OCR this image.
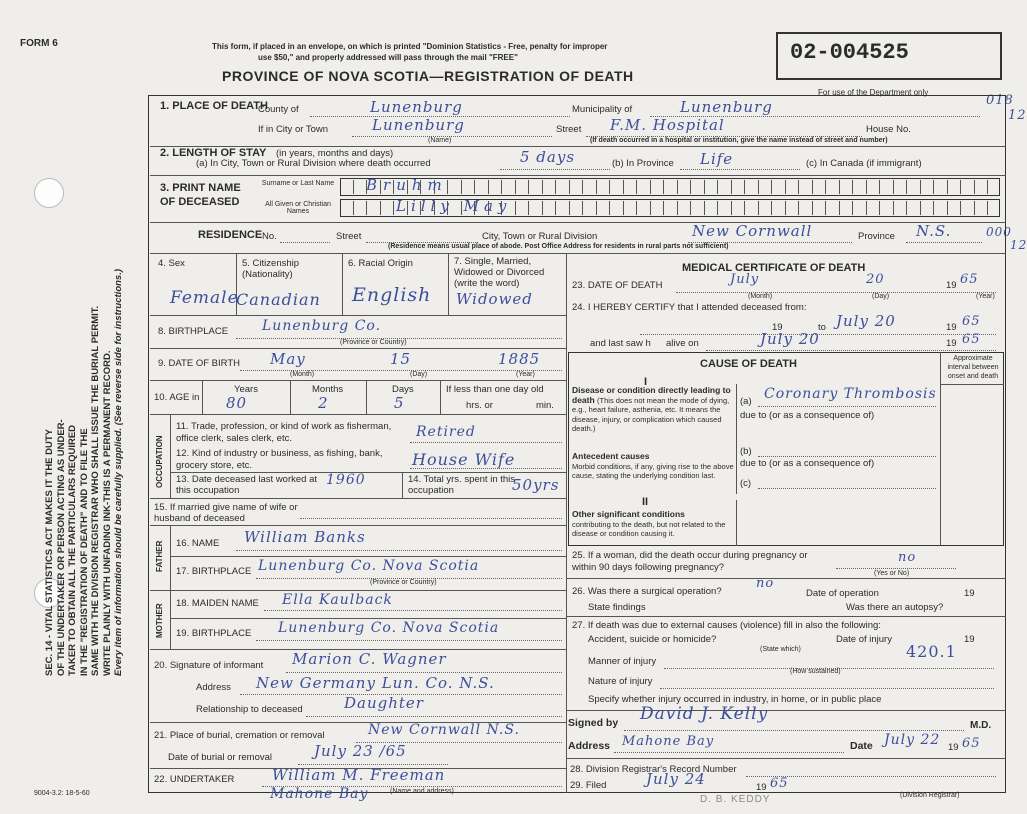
FORM 6	This form, if placed in an envelope, on which is printed "Dominion Statistics - Free, penalty for improper
use $50," and properly addressed will pass through the mail "FREE"
PROVINCE OF NOVA SCOTIA—REGISTRATION OF DEATH
02-004525
For use of the Department only
018
12
000
12
SEC. 14 - VITAL STATISTICS ACT MAKES IT THE DUTY OF THE UNDERTAKER OR PERSON ACTING AS UNDER- TAKER TO OBTAIN ALL THE PARTICULARS REQUIRED IN THE "REGISTRATION OF DEATH" AND TO FILE THE SAME WITH THE DIVISION REGISTRAR WHO SHALL ISSUE THE BURIAL PERMIT. WRITE PLAINLY WITH UNFADING INK-THIS IS A PERMANENT RECORD. Every item of information should be carefully supplied. (See reverse side for instructions.)
1. PLACE OF DEATH
County of	Lunenburg	Municipality of	Lunenburg
If in City or Town	Lunenburg
(Name)
Street F.M. Hospital	House No.
(If death occurred in a hospital or institution, give the name instead of street and number)
2. LENGTH OF STAY (in years, months and days)
(a) In City, Town or Rural Division where death occurred	5 days	(b) In Province Life	(c) In Canada (if immigrant)
3. PRINT NAME OF DECEASED
Surname or Last Name
All Given or Christian Names
Bruhm
Lilly May
RESIDENCE No.	Street	City, Town or Rural Division	New Cornwall	Province N.S.
(Residence means usual place of abode. Post Office Address for residents in rural parts not sufficient)
4. Sex	5. Citizenship (Nationality)
6. Racial Origin	7. Single, Married, Widowed or Divorced (write the word)
Female
Canadian English Widowed
8. BIRTHPLACE Lunenburg Co.
(Province or Country)
9. DATE OF BIRTH May	15	1885
(Month)	(Day)	(Year)
10. AGE in
Years	Months	Days	If less than one day old
hrs. or	min.
80	2	5
OCCUPATION
11. Trade, profession, or kind of work as fisherman, office clerk, sales clerk, etc.	Retired
12. Kind of industry or business, as fishing, bank, grocery store, etc.	House Wife
13. Date deceased last worked at this occupation
1960	14. Total yrs. spent in this occupation	50yrs
15. If married give name of wife or husband of deceased
FATHER
MOTHER
16. NAME William Banks
17. BIRTHPLACE Lunenburg Co. Nova Scotia
(Province or Country)
18. MAIDEN NAME Ella Kaulback
19. BIRTHPLACE Lunenburg Co. Nova Scotia
20. Signature of informant Marion C. Wagner
Address New Germany Lun. Co. N.S.
Relationship to deceased	Daughter
21. Place of burial, cremation or removal	New Cornwall N.S.
Date of burial or removal	July 23 /65
22. UNDERTAKER	William M. Freeman
Mahone Bay	(Name and address)
9004-3.2: 18-5-60
MEDICAL CERTIFICATE OF DEATH
23. DATE OF DEATH	July	20	19 65
(Month)	(Day)	(Year)
24. I HEREBY CERTIFY that I attended deceased from:
19	to July 20	19 65
and last saw h alive on	July 20	19 65
CAUSE OF DEATH	Approximate interval between onset and death
I
Disease or condition directly leading to death (This does not mean the mode of dying, e.g., heart failure, asthenia, etc. It means the disease, injury, or complication which caused death.)
(a) Coronary Thrombosis
due to (or as a consequence of)
(b)
Antecedent causes
Morbid conditions, if any, giving rise to the above cause, stating the underlying condition last.
due to (or as a consequence of)
(c)
II
Other significant conditions
contributing to the death, but not related to the disease or condition causing it.
25. If a woman, did the death occur during pregnancy or within 90 days following pregnancy?
no
(Yes or No)
26. Was there a surgical operation?
no
Date of operation	19
State findings	Was there an autopsy?
27. If death was due to external causes (violence) fill in also the following:
Accident, suicide or homicide?	Date of injury	19
(State which)	420.1
Manner of injury
(How sustained)
Nature of injury
Specify whether injury occurred in industry, in home, or in public place
Signed by David J. Kelly
M.D.
Address Mahone Bay	Date July 22 19 65
28. Division Registrar's Record Number
29. Filed	July 24	19 65
(Division Registrar)
D. B. KEDDY
